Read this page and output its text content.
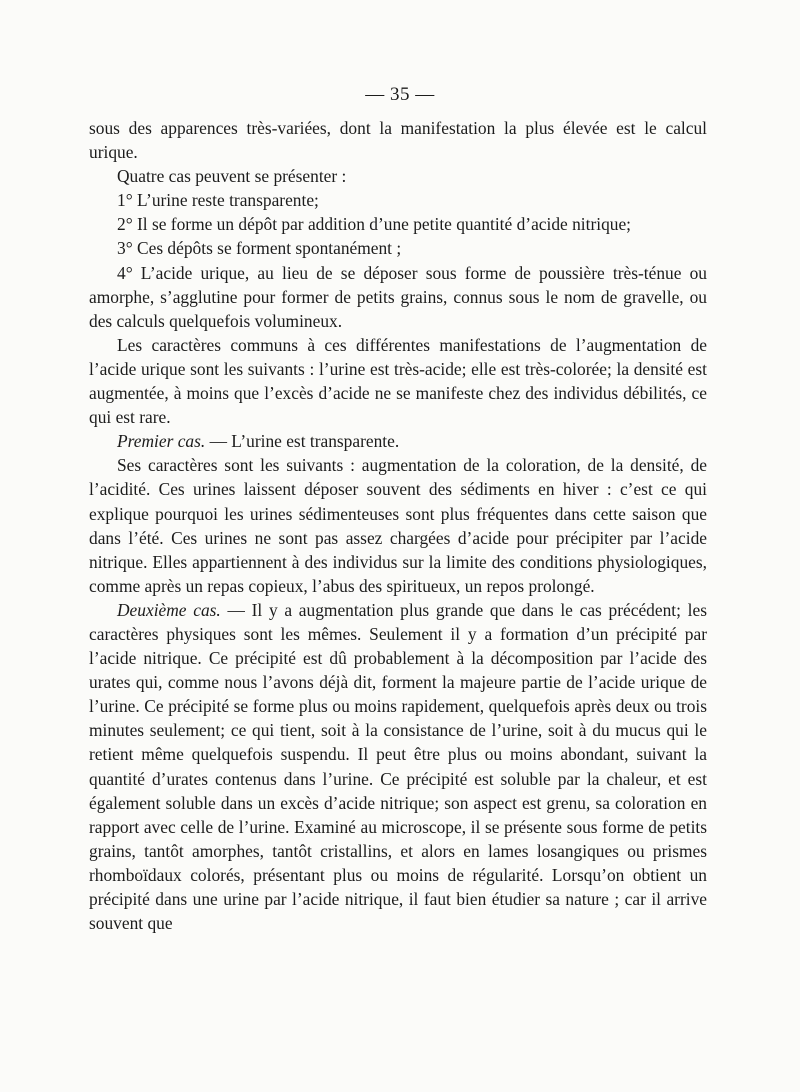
— 35 —

sous des apparences très-variées, dont la manifestation la plus élevée est le calcul urique.

Quatre cas peuvent se présenter :

1° L’urine reste transparente;

2° Il se forme un dépôt par addition d’une petite quantité d’acide nitrique;

3° Ces dépôts se forment spontanément ;

4° L’acide urique, au lieu de se déposer sous forme de poussière très-ténue ou amorphe, s’agglutine pour former de petits grains, connus sous le nom de gravelle, ou des calculs quelquefois volumineux.

Les caractères communs à ces différentes manifestations de l’augmentation de l’acide urique sont les suivants : l’urine est très-acide; elle est très-colorée; la densité est augmentée, à moins que l’excès d’acide ne se manifeste chez des individus débilités, ce qui est rare.

Premier cas. — L’urine est transparente.

Ses caractères sont les suivants : augmentation de la coloration, de la densité, de l’acidité. Ces urines laissent déposer souvent des sédiments en hiver : c’est ce qui explique pourquoi les urines sédimenteuses sont plus fréquentes dans cette saison que dans l’été. Ces urines ne sont pas assez chargées d’acide pour précipiter par l’acide nitrique. Elles appartiennent à des individus sur la limite des conditions physiologiques, comme après un repas copieux, l’abus des spiritueux, un repos prolongé.

Deuxième cas. — Il y a augmentation plus grande que dans le cas précédent; les caractères physiques sont les mêmes. Seulement il y a formation d’un précipité par l’acide nitrique. Ce précipité est dû probablement à la décomposition par l’acide des urates qui, comme nous l’avons déjà dit, forment la majeure partie de l’acide urique de l’urine. Ce précipité se forme plus ou moins rapidement, quelquefois après deux ou trois minutes seulement; ce qui tient, soit à la consistance de l’urine, soit à du mucus qui le retient même quelquefois suspendu. Il peut être plus ou moins abondant, suivant la quantité d’urates contenus dans l’urine. Ce précipité est soluble par la chaleur, et est également soluble dans un excès d’acide nitrique; son aspect est grenu, sa coloration en rapport avec celle de l’urine. Examiné au microscope, il se présente sous forme de petits grains, tantôt amorphes, tantôt cristallins, et alors en lames losangiques ou prismes rhomboïdaux colorés, présentant plus ou moins de régularité. Lorsqu’on obtient un précipité dans une urine par l’acide nitrique, il faut bien étudier sa nature ; car il arrive souvent que
